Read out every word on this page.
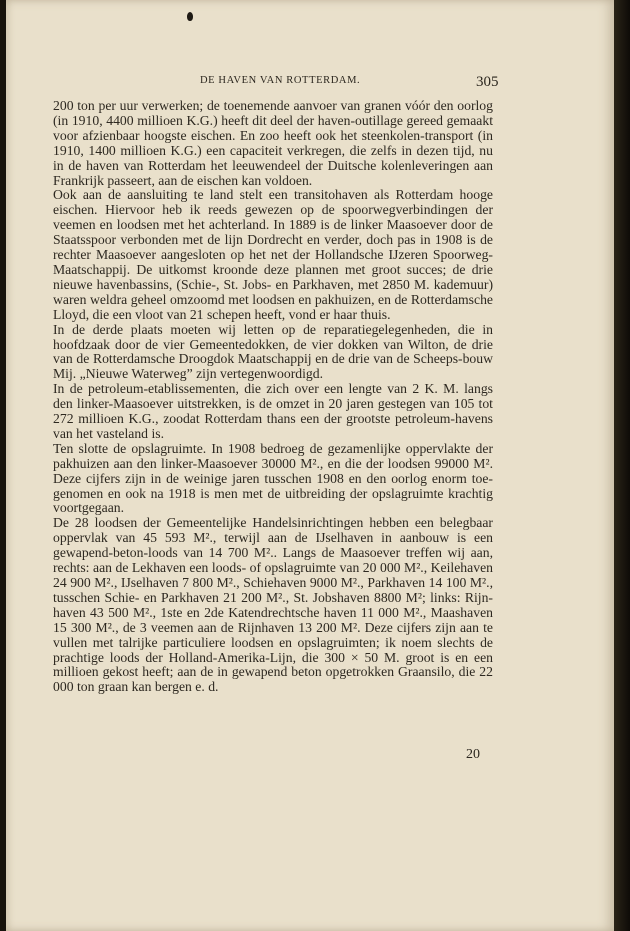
DE HAVEN VAN ROTTERDAM.	305

200 ton per uur verwerken; de toenemende aanvoer van granen vóór den oorlog (in 1910, 4400 millioen K.G.) heeft dit deel der haven-outillage gereed gemaakt voor afzienbaar hoogste eischen. En zoo heeft ook het steenkolen-transport (in 1910, 1400 millioen K.G.) een capaciteit verkregen, die zelfs in dezen tijd, nu in de haven van Rotterdam het leeuwendeel der Duitsche kolenleveringen aan Frankrijk passeert, aan de eischen kan voldoen.

Ook aan de aansluiting te land stelt een transitohaven als Rotterdam hooge eischen. Hiervoor heb ik reeds gewezen op de spoorwegverbindingen der veemen en loodsen met het achterland. In 1889 is de linker Maasoever door de Staatsspoor verbonden met de lijn Dordrecht en verder, doch pas in 1908 is de rechter Maasoever aangesloten op het net der Hollandsche IJzeren Spoorweg-Maatschappij. De uitkomst kroonde deze plannen met groot succes; de drie nieuwe havenbassins, (Schie-, St. Jobs- en Parkhaven, met 2850 M. kademuur) waren weldra geheel omzoomd met loodsen en pakhuizen, en de Rotterdamsche Lloyd, die een vloot van 21 schepen heeft, vond er haar thuis.

In de derde plaats moeten wij letten op de reparatiegelegenheden, die in hoofdzaak door de vier Gemeentedokken, de vier dokken van Wilton, de drie van de Rotterdamsche Droogdok Maatschappij en de drie van de Scheeps-bouw Mij. „Nieuwe Waterweg” zijn vertegenwoordigd.

In de petroleum-etablissementen, die zich over een lengte van 2 K. M. langs den linker-Maasoever uitstrekken, is de omzet in 20 jaren gestegen van 105 tot 272 millioen K.G., zoodat Rotterdam thans een der grootste petroleum-havens van het vasteland is.

Ten slotte de opslagruimte. In 1908 bedroeg de gezamenlijke oppervlakte der pakhuizen aan den linker-Maasoever 30000 M²., en die der loodsen 99000 M². Deze cijfers zijn in de weinige jaren tusschen 1908 en den oorlog enorm toe-genomen en ook na 1918 is men met de uitbreiding der opslagruimte krachtig voortgegaan.

De 28 loodsen der Gemeentelijke Handelsinrichtingen hebben een belegbaar oppervlak van 45 593 M²., terwijl aan de IJselhaven in aanbouw is een gewapend-beton-loods van 14 700 M².. Langs de Maasoever treffen wij aan, rechts: aan de Lekhaven een loods- of opslagruimte van 20 000 M²., Keilehaven 24 900 M²., IJselhaven 7 800 M²., Schiehaven 9000 M²., Parkhaven 14 100 M²., tusschen Schie- en Parkhaven 21 200 M²., St. Jobshaven 8800 M²; links: Rijn-haven 43 500 M²., 1ste en 2de Katendrechtsche haven 11 000 M²., Maashaven 15 300 M²., de 3 veemen aan de Rijnhaven 13 200 M². Deze cijfers zijn aan te vullen met talrijke particuliere loodsen en opslagruimten; ik noem slechts de prachtige loods der Holland-Amerika-Lijn, die 300 × 50 M. groot is en een millioen gekost heeft; aan de in gewapend beton opgetrokken Graansilo, die 22 000 ton graan kan bergen e. d.

20
